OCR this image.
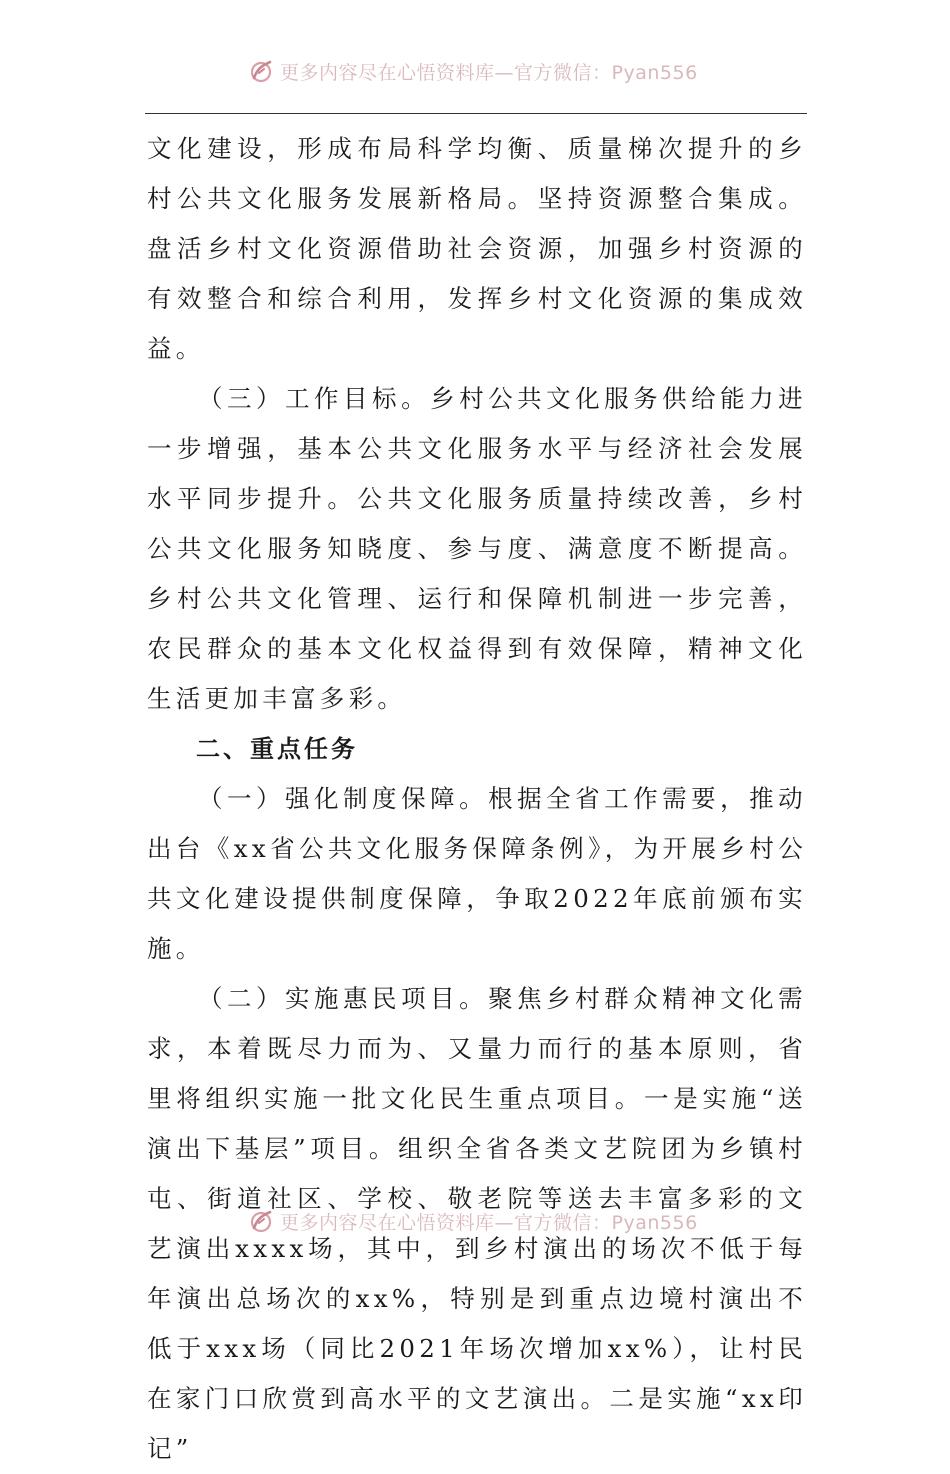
更多内容尽在心悟资料库—官方微信：Pyan556

文化建设，形成布局科学均衡、质量梯次提升的乡村公共文化服务发展新格局。坚持资源整合集成。盘活乡村文化资源借助社会资源，加强乡村资源的有效整合和综合利用，发挥乡村文化资源的集成效益。

（三）工作目标。乡村公共文化服务供给能力进一步增强，基本公共文化服务水平与经济社会发展水平同步提升。公共文化服务质量持续改善，乡村公共文化服务知晓度、参与度、满意度不断提高。乡村公共文化管理、运行和保障机制进一步完善，农民群众的基本文化权益得到有效保障，精神文化生活更加丰富多彩。

二、重点任务

（一）强化制度保障。根据全省工作需要，推动出台《xx省公共文化服务保障条例》，为开展乡村公共文化建设提供制度保障，争取2022年底前颁布实施。

（二）实施惠民项目。聚焦乡村群众精神文化需求，本着既尽力而为、又量力而行的基本原则，省里将组织实施一批文化民生重点项目。一是实施“送演出下基层”项目。组织全省各类文艺院团为乡镇村屯、街道社区、学校、敬老院等送去丰富多彩的文艺演出xxxx场，其中，到乡村演出的场次不低于每年演出总场次的xx%，特别是到重点边境村演出不低于xxx场（同比2021年场次增加xx%），让村民在家门口欣赏到高水平的文艺演出。二是实施“xx印记”

更多内容尽在心悟资料库—官方微信：Pyan556
